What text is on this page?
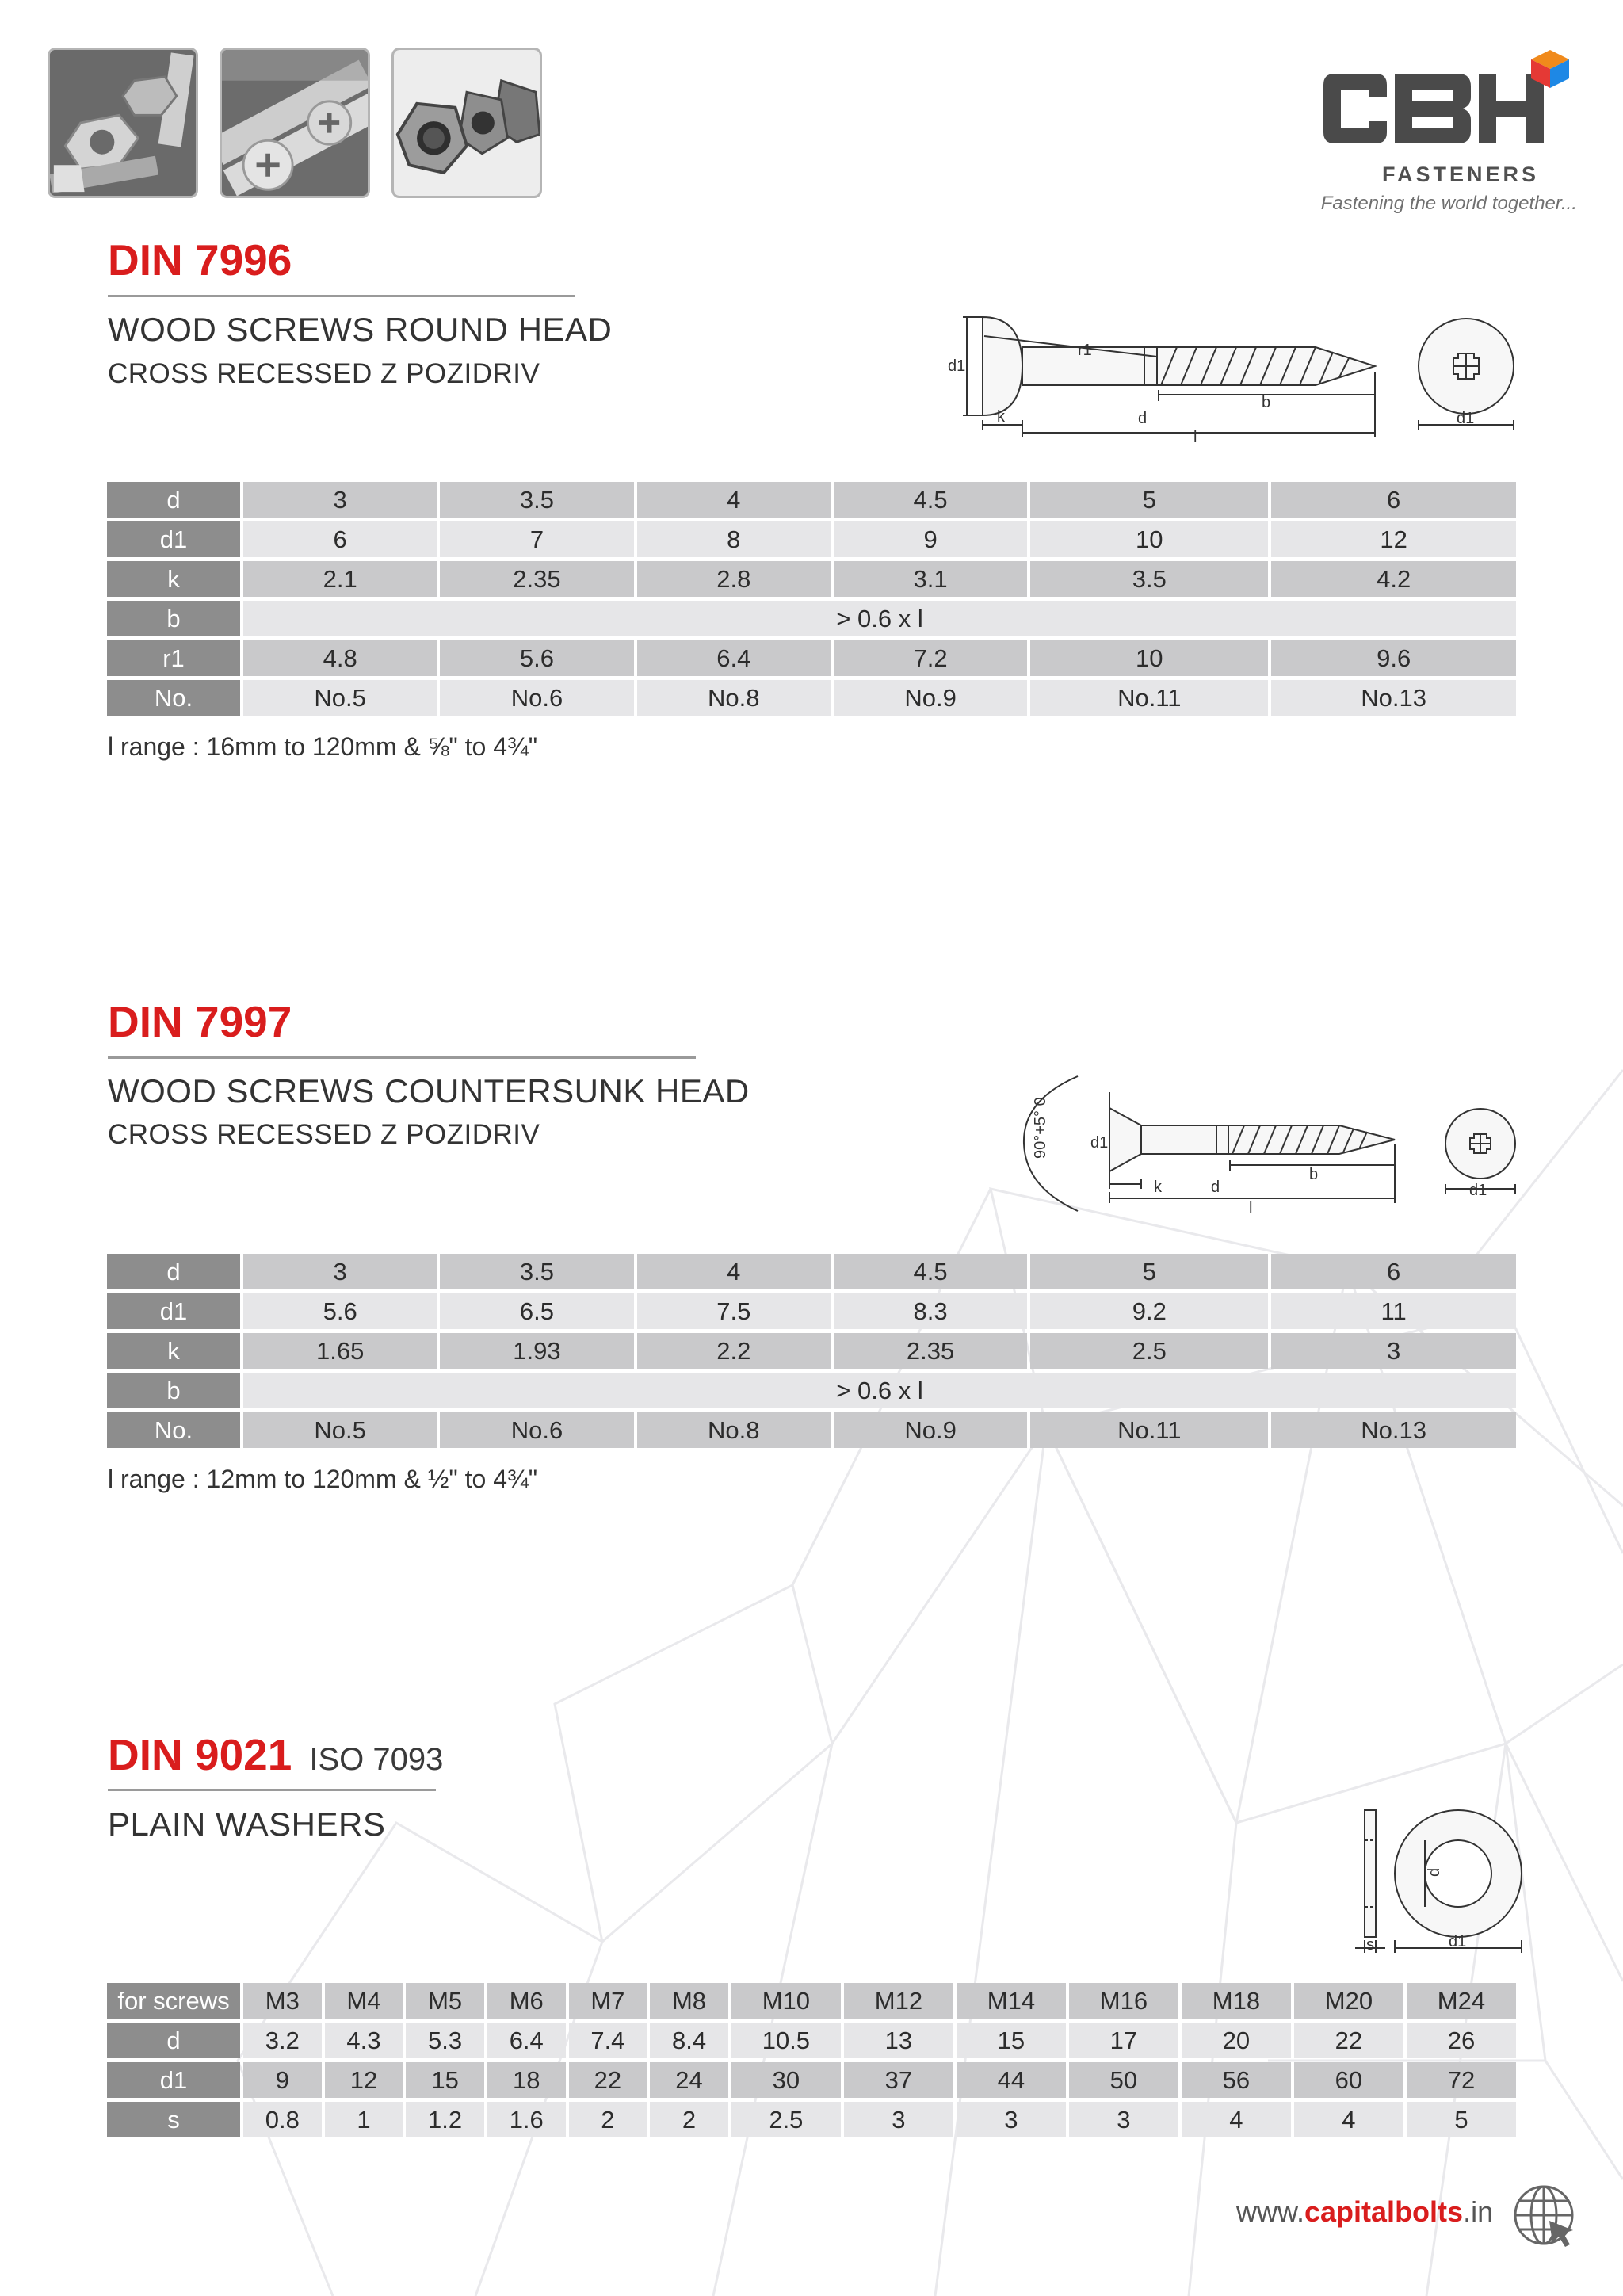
FASTENERS
Fastening the world together...
DIN 7996
WOOD SCREWS ROUND HEAD
CROSS RECESSED Z POZIDRIV	d1
r1
k	d
b
l
d1
d	3	3.5	4	4.5	5	6
d1	6	7	8	9	10	12
k	2.1	2.35	2.8	3.1	3.5	4.2
b	> 0.6 x l					
r1	4.8	5.6	6.4	7.2	10	9.6
No.	No.5	No.6	No.8	No.9	No.11	No.13
l range : 16mm to 120mm & ⅝" to 4¾"
DIN 7997
WOOD SCREWS COUNTERSUNK HEAD
CROSS RECESSED Z POZIDRIV	90°+5° 0	d1
k	d
b
l
d1
d	3	3.5	4	4.5	5	6
d1	5.6	6.5	7.5	8.3	9.2	11
k	1.65	1.93	2.2	2.35	2.5	3
b	> 0.6 x l					
No.	No.5	No.6	No.8	No.9	No.11	No.13
l range : 12mm to 120mm & ½" to 4¾"
DIN 9021 ISO 7093
PLAIN WASHERS
d
s	d1
for screws	M3	M4	M5	M6	M7	M8	M10	M12	M14	M16	M18	M20	M24
d	3.2	4.3	5.3	6.4	7.4	8.4	10.5	13	15	17	20	22	26
d1	9	12	15	18	22	24	30	37	44	50	56	60	72
s	0.8	1	1.2	1.6	2	2	2.5	3	3	3	4	4	5
www.capitalbolts.in
